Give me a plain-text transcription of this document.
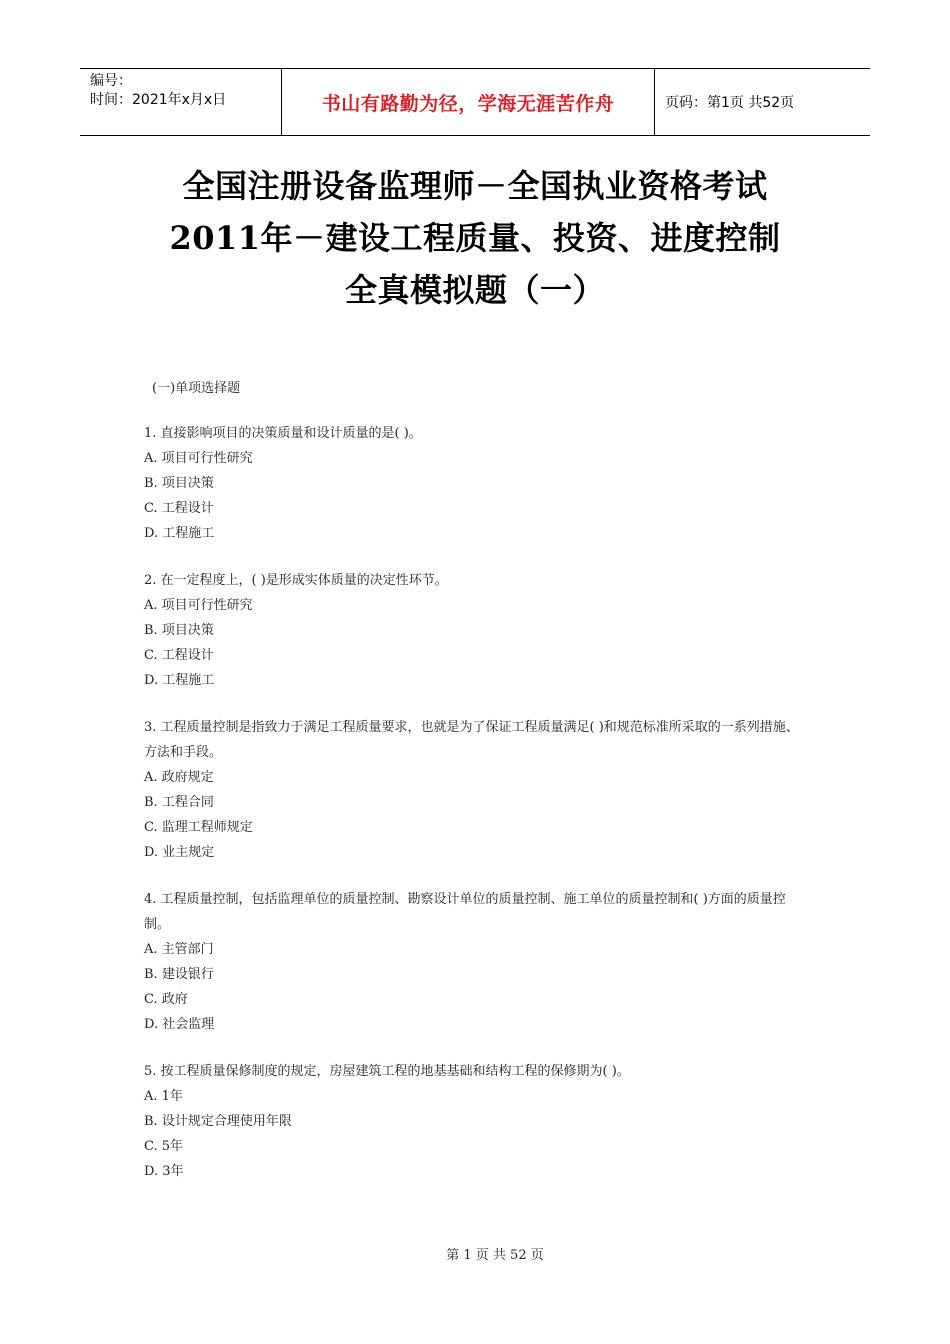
编号：
时间：2021年x月x日	书山有路勤为径，学海无涯苦作舟	页码：第1页 共52页
全国注册设备监理师－全国执业资格考试
2011年－建设工程质量、投资、进度控制
全真模拟题（一）
(一)单项选择题
1. 直接影响项目的决策质量和设计质量的是( )。
A. 项目可行性研究
B. 项目决策
C. 工程设计
D. 工程施工
2. 在一定程度上，( )是形成实体质量的决定性环节。
A. 项目可行性研究
B. 项目决策
C. 工程设计
D. 工程施工
3. 工程质量控制是指致力于满足工程质量要求，也就是为了保证工程质量满足( )和规范标准所采取的一系列措施、方法和手段。
A. 政府规定
B. 工程合同
C. 监理工程师规定
D. 业主规定
4. 工程质量控制，包括监理单位的质量控制、勘察设计单位的质量控制、施工单位的质量控制和( )方面的质量控制。
A. 主管部门
B. 建设银行
C. 政府
D. 社会监理
5. 按工程质量保修制度的规定，房屋建筑工程的地基基础和结构工程的保修期为( )。
A. 1年
B. 设计规定合理使用年限
C. 5年
D. 3年
第 1 页 共 52 页
